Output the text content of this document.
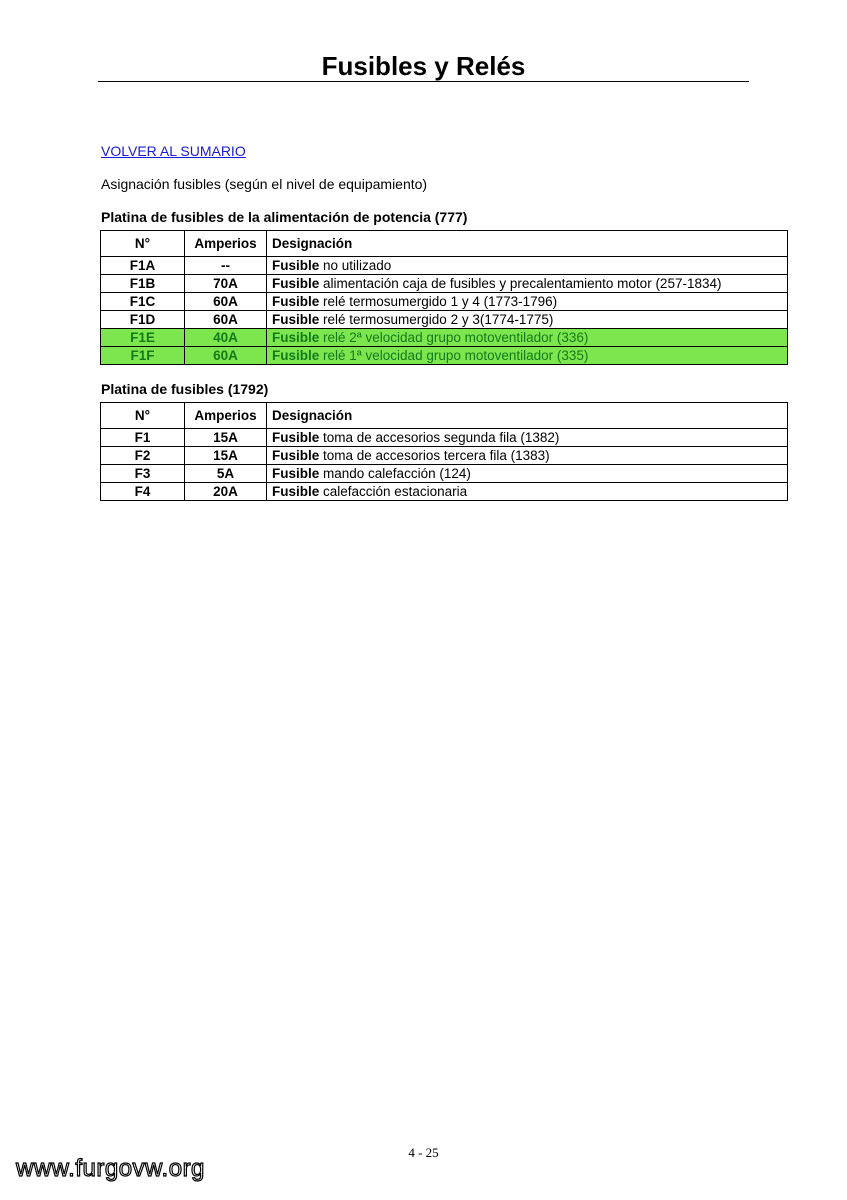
Fusibles y Relés
VOLVER AL SUMARIO
Asignación fusibles (según el nivel de equipamiento)
Platina de fusibles de la alimentación de potencia (777)
N°	Amperios	Designación
F1A	--	Fusible no utilizado
F1B	70A	Fusible alimentación caja de fusibles y precalentamiento motor (257-1834)
F1C	60A	Fusible relé termosumergido 1 y 4 (1773-1796)
F1D	60A	Fusible relé termosumergido 2 y 3(1774-1775)
F1E	40A	Fusible relé 2ª velocidad grupo motoventilador (336)
F1F	60A	Fusible relé 1ª velocidad grupo motoventilador (335)
Platina de fusibles (1792)
N°	Amperios	Designación
F1	15A	Fusible toma de accesorios segunda fila (1382)
F2	15A	Fusible toma de accesorios tercera fila (1383)
F3	5A	Fusible mando calefacción (124)
F4	20A	Fusible calefacción estacionaria
4 - 25
www.furgovw.org
